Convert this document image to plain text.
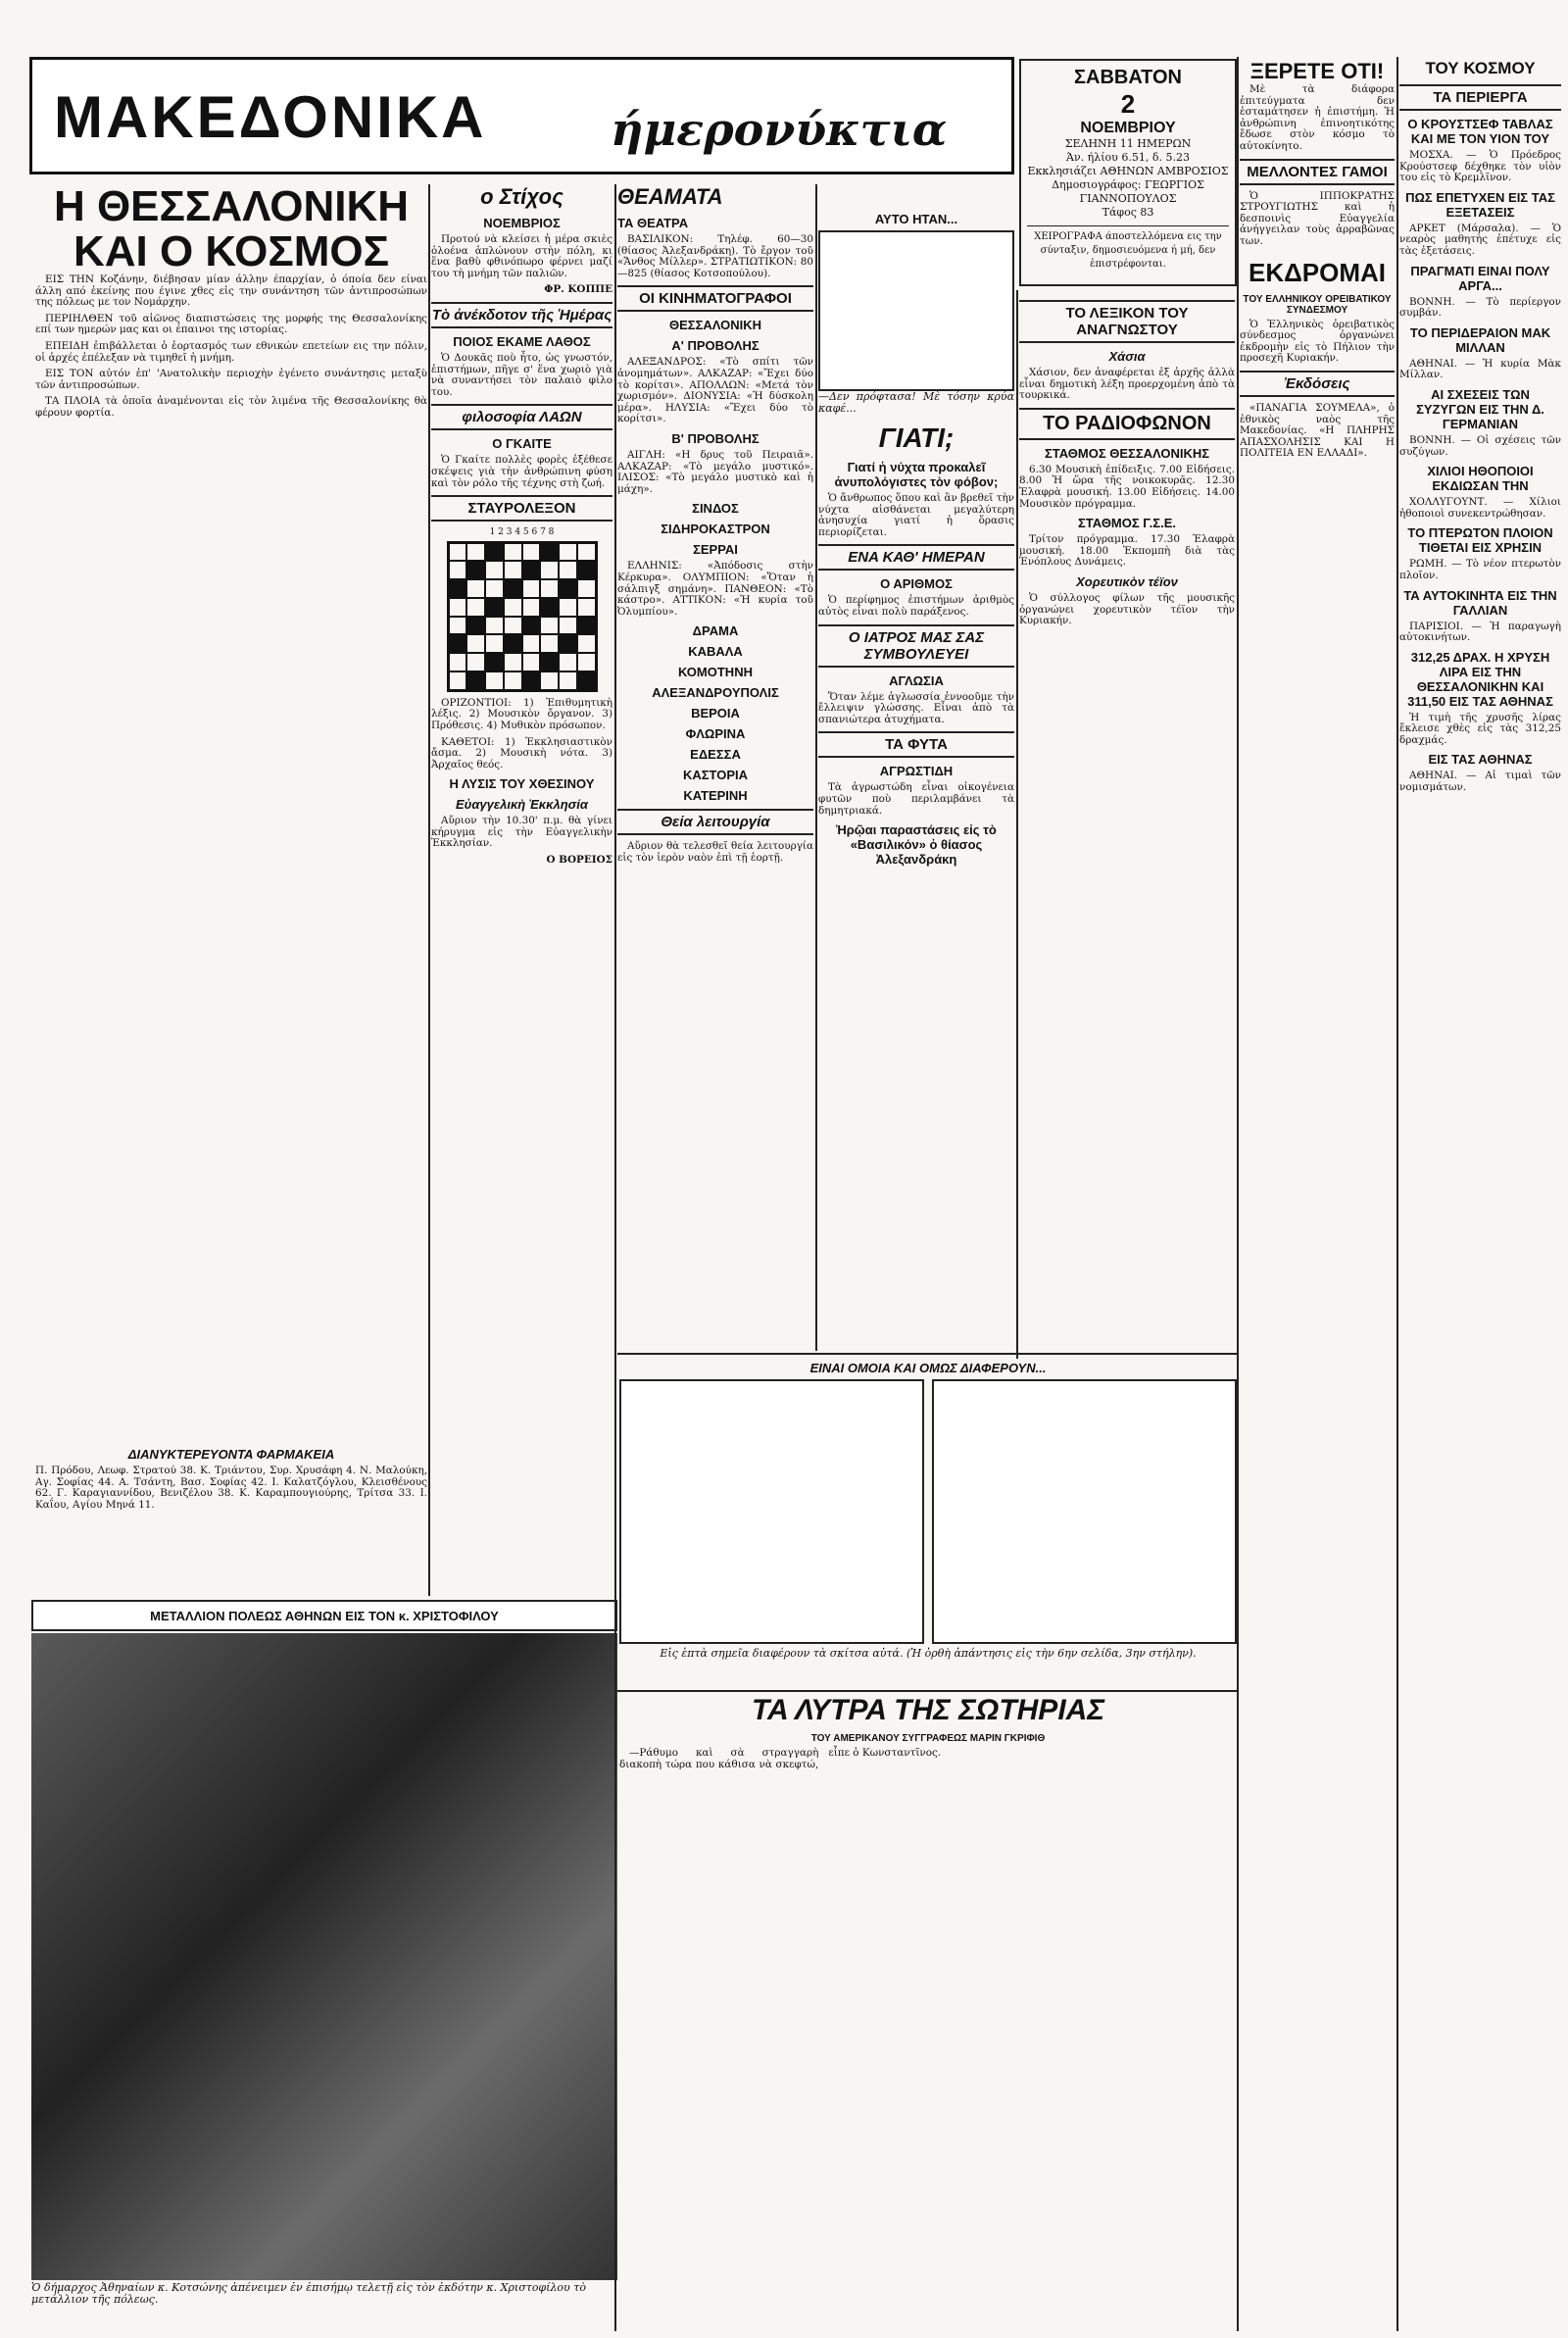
ΜΑΚΕΔΟΝΙΚΑ	ήμερονύκτια
ΣΑΒΒΑΤΟΝ
2
ΝΟΕΜΒΡΙΟΥ
ΣΕΛΗΝΗ 11 ΗΜΕΡΩΝ
Άν. ήλίου 6.51, δ. 5.23
Εκκλησιάζει ΑΘΗΝΩΝ ΑΜΒΡΟΣΙΟΣ
Δημοσιογράφος: ΓΕΩΡΓΙΟΣ ΓΙΑΝΝΟΠΟΥΛΟΣ
Τάφος 83
ΧΕΙΡΟΓΡΑΦΑ άποστελλόμενα εις την σύνταξιν, δημοσιευόμενα ή μή, δεν ἐπιστρέφονται.
Η ΘΕΣΣΑΛΟΝΙΚΗ ΚΑΙ Ο ΚΟΣΜΟΣ

ΕΙΣ ΤΗΝ Κοζάνην, διέβησαν μίαν άλλην έπαρχίαν, ὁ όποία δεν είναι άλλη από ἐκείνης που έγινε χθες εἰς την συνάντηση τῶν ἀντιπροσώπων της πόλεως με τον Νομάρχην.

ΠΕΡΙΗΛΘΕΝ τοῦ αἰῶνος διαπιστώσεις της μορφής της Θεσσαλονίκης επί των ημερών μας και οι έπαινοι της ιστορίας.

ΕΠΕΙΔΗ ἐπιβάλλεται ὁ ἑορτασμός των εθνικών επετείων εις την πόλιν, οἱ ἀρχές ἐπέλεξαν νὰ τιμηθεῖ ἡ μνήμη.

ΕΙΣ ΤΟΝ αὐτόν ἐπ' 'Ανατολικὴν περιοχὴν ἐγένετο συνάντησις μεταξὺ τῶν ἀντιπροσώπων.

ΤΑ ΠΛΟΙΑ τὰ ὁποῖα ἀναμένονται εἰς τὸν λιμένα τῆς Θεσσαλονίκης θὰ φέρουν φορτία.

ΔΙΑΝΥΚΤΕΡΕΥΟΝΤΑ ΦΑΡΜΑΚΕΙΑ
Π. Πρόδου, Λεωφ. Στρατού 38. Κ. Τριάντου, Συρ. Χρυσάφη 4. Ν. Μαλούκη, Αγ. Σοφίας 44. Α. Τσάντη, Βασ. Σοφίας 42. Ι. Καλατζόγλου, Κλεισθένους 62. Γ. Καραγιαννίδου, Βενιζέλου 38. Κ. Καραμπουγιούρης, Τρίτσα 33. Ι. Καΐου, Αγίου Μηνά 11.
ο Στίχος
ΝΟΕΜΒΡΙΟΣ

Προτού νὰ κλείσει ἡ μέρα σκιὲς ὁλοένα ἁπλώνουν στὴν πόλη, κι ἕνα βαθὺ φθινόπωρο φέρνει μαζί του τὴ μνήμη τῶν παλιῶν.

ΦΡ. ΚΟΠΠΕ
Τὸ ἀνέκδοτον τῆς Ἡμέρας
ΠΟΙΟΣ ΕΚΑΜΕ ΛΑΘΟΣ

Ὁ Δουκᾶς ποὺ ἦτο, ὡς γνωστόν, ἐπιστήμων, πῆγε σ' ἕνα χωριὸ γιὰ νὰ συναντήσει τὸν παλαιὸ φίλο του.

φιλοσοφία ΛΑΩΝ
Ο ΓΚΑΙΤΕ

Ὁ Γκαίτε πολλὲς φορὲς ἐξέθεσε σκέψεις γιὰ τὴν ἀνθρώπινη φύση καὶ τὸν ρόλο τῆς τέχνης στὴ ζωή.

ΣΤΑΥΡΟΛΕΞΟΝ
1 2 3 4 5 6 7 8

ΟΡΙΖΟΝΤΙΟΙ: 1) Ἐπιθυμητικὴ λέξις. 2) Μουσικὸν ὄργανον. 3) Πρόθεσις. 4) Μυθικὸν πρόσωπον.

ΚΑΘΕΤΟΙ: 1) Ἐκκλησιαστικὸν ἄσμα. 2) Μουσικὴ νότα. 3) Ἀρχαῖος θεός.

Η ΛΥΣΙΣ ΤΟΥ ΧΘΕΣΙΝΟΥ
Εὐαγγελικὴ Ἐκκλησία

Αὔριον τὴν 10.30' π.μ. θὰ γίνει κήρυγμα εἰς τὴν Εὐαγγελικὴν Ἐκκλησίαν.

Ο ΒΟΡΕΙΟΣ
ΘΕΑΜΑΤΑ
ΤΑ ΘΕΑΤΡΑ

ΒΑΣΙΛΙΚΟΝ: Τηλέφ. 60—30 (θίασος Ἀλεξανδράκη). Τὸ ἔργον τοῦ «Ἄνθος Μίλλερ». ΣΤΡΑΤΙΩΤΙΚΟΝ: 80—825 (θίασος Κοτσοπούλου).

ΟΙ ΚΙΝΗΜΑΤΟΓΡΑΦΟΙ
ΘΕΣΣΑΛΟΝΙΚΗ
Α' ΠΡΟΒΟΛΗΣ

ΑΛΕΞΑΝΔΡΟΣ: «Τὸ σπίτι τῶν ἀνομημάτων». ΑΛΚΑΖΑΡ: «Ἔχει δύο τὸ κορίτσι». ΑΠΟΛΛΩΝ: «Μετά τὸν χωρισμόν». ΔΙΟΝΥΣΙΑ: «Ἡ δύσκολη μέρα». ΗΛΥΣΙΑ: «Ἔχει δύο τὸ κορίτσι».

Β' ΠΡΟΒΟΛΗΣ

ΑΙΓΛΗ: «Η δρυς τοῦ Πειραιᾶ». ΑΛΚΑΖΑΡ: «Τὸ μεγάλο μυστικό». ΙΛΙΣΟΣ: «Τὸ μεγάλο μυστικὸ καὶ ἡ μάχη».

ΣΙΝΔΟΣ
ΣΙΔΗΡΟΚΑΣΤΡΟΝ
ΣΕΡΡΑΙ

ΕΛΛΗΝΙΣ: «Ἀπόδοσις στὴν Κέρκυρα». ΟΛΥΜΠΙΟΝ: «Ὅταν ἡ σάλπιγξ σημάνη». ΠΑΝΘΕΟΝ: «Τὸ κάστρο». ΑΤΤΙΚΟΝ: «Ἡ κυρία τοῦ Ὀλυμπίου».

ΔΡΑΜΑ
ΚΑΒΑΛΑ
ΚΟΜΟΤΗΝΗ
ΑΛΕΞΑΝΔΡΟΥΠΟΛΙΣ
ΒΕΡΟΙΑ
ΦΛΩΡΙΝΑ
ΕΔΕΣΣΑ
ΚΑΣΤΟΡΙΑ
ΚΑΤΕΡΙΝΗ
Θεία λειτουργία

Αὔριον θὰ τελεσθεῖ θεία λειτουργία εἰς τὸν ἱερὸν ναὸν ἐπὶ τῇ ἑορτῇ.

ΑΥΤΟ ΗΤΑΝ...
—Δεν πρόφτασα! Μὲ τόσην κρύα καφέ...
ΓΙΑΤΙ;
Γιατί ἡ νύχτα προκαλεῖ ἀνυπολόγιστες τὸν φόβον;

Ὁ ἄνθρωπος ὅπου καὶ ἂν βρεθεῖ τὴν νύχτα αἰσθάνεται μεγαλύτερη ἀνησυχία γιατί ἡ ὅρασις περιορίζεται.

ΕΝΑ ΚΑΘ' ΗΜΕΡΑΝ
Ο ΑΡΙΘΜΟΣ

Ὁ περίφημος ἐπιστήμων ἀριθμὸς αὐτὸς εἶναι πολὺ παράξενος.

Ο ΙΑΤΡΟΣ ΜΑΣ ΣΑΣ ΣΥΜΒΟΥΛΕΥΕΙ
ΑΓΛΩΣΙΑ

Ὅταν λέμε ἀγλωσσία ἐννοοῦμε τὴν ἔλλειψιν γλώσσης. Εἶναι ἀπὸ τὰ σπανιώτερα ἀτυχήματα.

ΤΑ ΦΥΤΑ
ΑΓΡΩΣΤΙΔΗ

Τὰ ἀγρωστώδη εἶναι οἰκογένεια φυτῶν ποὺ περιλαμβάνει τὰ δημητριακά.

Ἡρῷαι παραστάσεις εἰς τὸ «Βασιλικόν» ὁ θίασος Ἀλεξανδράκη
ΤΟ ΛΕΞΙΚΟΝ ΤΟΥ ΑΝΑΓΝΩΣΤΟΥ
Χάσια

Χάσιον, δεν ἀναφέρεται ἐξ ἀρχῆς ἀλλὰ εἶναι δημοτικὴ λέξη προερχομένη ἀπὸ τὰ τουρκικά.

ΤΟ ΡΑΔΙΟΦΩΝΟΝ
ΣΤΑΘΜΟΣ ΘΕΣΣΑΛΟΝΙΚΗΣ

6.30 Μουσικὴ ἐπίδειξις. 7.00 Εἰδήσεις. 8.00 Ἡ ὥρα τῆς νοικοκυρᾶς. 12.30 Ἐλαφρὰ μουσική. 13.00 Εἰδήσεις. 14.00 Μουσικὸν πρόγραμμα.

ΣΤΑΘΜΟΣ Γ.Σ.Ε.

Τρίτον πρόγραμμα. 17.30 Ἐλαφρὰ μουσική. 18.00 Ἐκπομπὴ διὰ τὰς Ἐνόπλους Δυνάμεις.

Χορευτικὸν τέϊον

Ὁ σύλλογος φίλων τῆς μουσικῆς ὀργανώνει χορευτικὸν τέϊον τὴν Κυριακήν.

ΞΕΡΕΤΕ ΟΤΙ!

Μὲ τὰ διάφορα ἐπιτεύγματα δεν ἐσταμάτησεν ἡ ἐπιστήμη. Ἡ ἀνθρώπινη ἐπινοητικότης ἔδωσε στὸν κόσμο τὸ αὐτοκίνητο.

ΜΕΛΛΟΝΤΕΣ ΓΑΜΟΙ

Ὁ ΙΠΠΟΚΡΑΤΗΣ ΣΤΡΟΥΓΙΩΤΗΣ καὶ ἡ δεσποινὶς Εὐαγγελία ἀνήγγειλαν τοὺς ἀρραβῶνας των.

ΕΚΔΡΟΜΑΙ
ΤΟΥ ΕΛΛΗΝΙΚΟΥ ΟΡΕΙΒΑΤΙΚΟΥ ΣΥΝΔΕΣΜΟΥ

Ὁ Ἑλληνικὸς ὀρειβατικὸς σύνδεσμος ὀργανώνει ἐκδρομὴν εἰς τὸ Πήλιον τὴν προσεχῆ Κυριακήν.

Ἐκδόσεις

«ΠΑΝΑΓΙΑ ΣΟΥΜΕΛΑ», ὁ ἐθνικὸς ναὸς τῆς Μακεδονίας. «Η ΠΛΗΡΗΣ ΑΠΑΣΧΟΛΗΣΙΣ ΚΑΙ Η ΠΟΛΙΤΕΙΑ ΕΝ ΕΛΛΑΔΙ».

ΤΟΥ ΚΟΣΜΟΥ
ΤΑ ΠΕΡΙΕΡΓΑ
Ο ΚΡΟΥΣΤΣΕΦ ΤΑΒΛΑΣ ΚΑΙ ΜΕ ΤΟΝ ΥΙΟΝ ΤΟΥ

ΜΟΣΧΑ. — Ὁ Πρόεδρος Κρούστσεφ δέχθηκε τὸν υἱὸν του εἰς τὸ Κρεμλῖνον.

ΠΩΣ ΕΠΕΤΥΧΕΝ ΕΙΣ ΤΑΣ ΕΞΕΤΑΣΕΙΣ

ΑΡΚΕΤ (Μάρσαλα). — Ὁ νεαρὸς μαθητὴς ἐπέτυχε εἰς τὰς ἐξετάσεις.

ΠΡΑΓΜΑΤΙ ΕΙΝΑΙ ΠΟΛΥ ΑΡΓΑ...

ΒΟΝΝΗ. — Τὸ περίεργον συμβάν.

ΤΟ ΠΕΡΙΔΕΡΑΙΟΝ ΜΑΚ ΜΙΛΛΑΝ

ΑΘΗΝΑΙ. — Ἡ κυρία Μὰκ Μίλλαν.

ΑΙ ΣΧΕΣΕΙΣ ΤΩΝ ΣΥΖΥΓΩΝ ΕΙΣ ΤΗΝ Δ. ΓΕΡΜΑΝΙΑΝ

ΒΟΝΝΗ. — Οἱ σχέσεις τῶν συζύγων.

ΧΙΛΙΟΙ ΗΘΟΠΟΙΟΙ ΕΚΔΙΩΣΑΝ ΤΗΝ

ΧΟΛΛΥΓΟΥΝΤ. — Χίλιοι ἠθοποιοὶ συνεκεντρώθησαν.

ΤΟ ΠΤΕΡΩΤΟΝ ΠΛΟΙΟΝ ΤΙΘΕΤΑΙ ΕΙΣ ΧΡΗΣΙΝ

ΡΩΜΗ. — Τὸ νέον πτερωτὸν πλοῖον.

ΤΑ ΑΥΤΟΚΙΝΗΤΑ ΕΙΣ ΤΗΝ ΓΑΛΛΙΑΝ

ΠΑΡΙΣΙΟΙ. — Ἡ παραγωγὴ αὐτοκινήτων.

312,25 ΔΡΑΧ. Η ΧΡΥΣΗ ΛΙΡΑ ΕΙΣ ΤΗΝ ΘΕΣΣΑΛΟΝΙΚΗΝ ΚΑΙ 311,50 ΕΙΣ ΤΑΣ ΑΘΗΝΑΣ

Ἡ τιμὴ τῆς χρυσῆς λίρας ἔκλεισε χθὲς εἰς τὰς 312,25 δραχμάς.

ΕΙΣ ΤΑΣ ΑΘΗΝΑΣ

ΑΘΗΝΑΙ. — Αἱ τιμαὶ τῶν νομισμάτων.

ΜΕΤΑΛΛΙΟΝ ΠΟΛΕΩΣ ΑΘΗΝΩΝ ΕΙΣ ΤΟΝ κ. ΧΡΙΣΤΟΦΙΛΟΥ
Ὁ δήμαρχος Ἀθηναίων κ. Κοτσώνης ἀπένειμεν ἐν ἐπισήμῳ τελετῇ εἰς τὸν ἐκδότην κ. Χριστοφίλου τὸ μετάλλιον τῆς πόλεως.
ΕΙΝΑΙ ΟΜΟΙΑ ΚΑΙ ΟΜΩΣ ΔΙΑΦΕΡΟΥΝ...
Εἰς ἑπτὰ σημεῖα διαφέρουν τὰ σκίτσα αὐτά. (Ἡ ὀρθὴ ἀπάντησις εἰς τὴν 6ην σελίδα, 3ην στήλην).
ΤΑ ΛΥΤΡΑ ΤΗΣ ΣΩΤΗΡΙΑΣ
ΤΟΥ ΑΜΕΡΙΚΑΝΟΥ ΣΥΓΓΡΑΦΕΩΣ ΜΑΡΙΝ ΓΚΡΙΦΙΘ

—Ράθυμο καὶ σὰ στραγγαρὴ διακοπὴ τώρα που κάθισα νὰ σκεφτώ, εἶπε ὁ Κωνσταντῖνος.
